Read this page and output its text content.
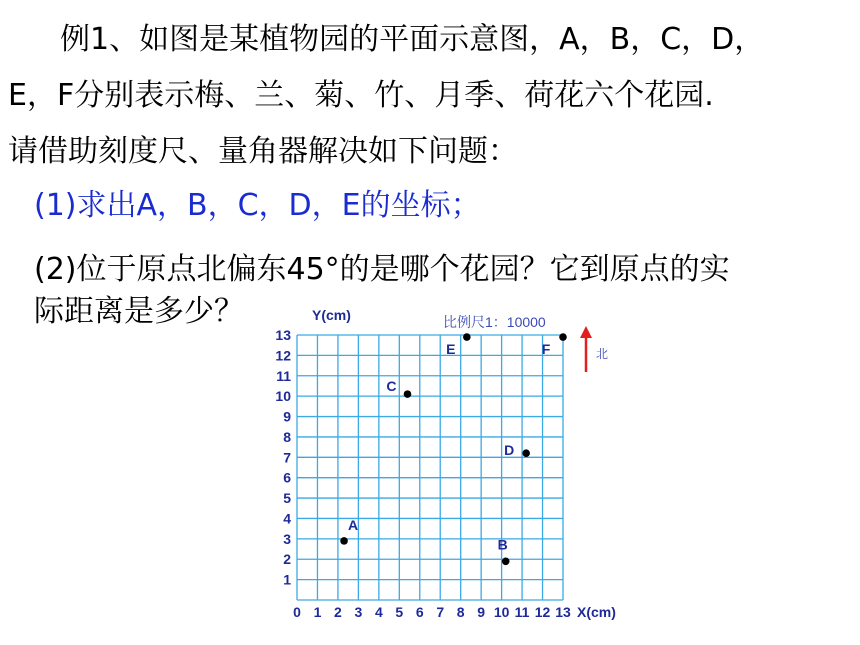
例1、如图是某植物园的平面示意图，A，B，C，D，
E，F分别表示梅、兰、菊、竹、月季、荷花六个花园.
请借助刻度尺、量角器解决如下问题：
(1)求出A，B，C，D，E的坐标；
(2)位于原点北偏东45°的是哪个花园？它到原点的实
际距离是多少？
0 1 2 3 4 5 6 7 8 9 10 11 12 13
1
2
3
4
5
6
7
8
9
10
11
12
13
A
B
C
D
E	F
Y(cm)
X(cm)
比例尺1：10000
北
